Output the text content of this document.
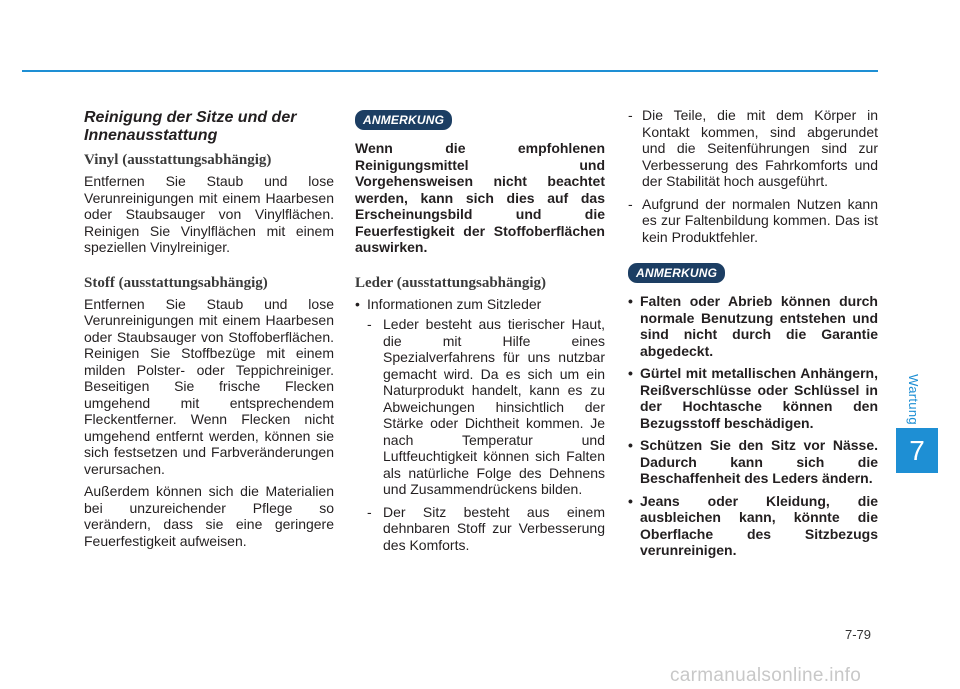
Reinigung der Sitze und der Innenausstattung
Vinyl (ausstattungsabhängig)

Entfernen Sie Staub und lose Verunreinigungen mit einem Haarbesen oder Staubsauger von Vinylflächen. Reinigen Sie Vinylflächen mit einem speziellen Vinylreiniger.

Stoff (ausstattungsabhängig)

Entfernen Sie Staub und lose Verunreinigungen mit einem Haarbesen oder Staubsauger von Stoffoberflächen. Reinigen Sie Stoffbezüge mit einem milden Polster- oder Teppichreiniger. Beseitigen Sie frische Flecken umgehend mit entsprechendem Fleckentferner. Wenn Flecken nicht umgehend entfernt werden, können sie sich festsetzen und Farbveränderungen verursachen.

Außerdem können sich die Materialien bei unzureichender Pflege so verändern, dass sie eine geringere Feuerfestigkeit aufweisen.

ANMERKUNG

Wenn die empfohlenen Reinigungsmittel und Vorgehensweisen nicht beachtet werden, kann sich dies auf das Erscheinungsbild und die Feuerfestigkeit der Stoffoberflächen auswirken.

Leder (ausstattungsabhängig)
• Informationen zum Sitzleder
- Leder besteht aus tierischer Haut, die mit Hilfe eines Spezialverfahrens für uns nutzbar gemacht wird. Da es sich um ein Naturprodukt handelt, kann es zu Abweichungen hinsichtlich der Stärke oder Dichtheit kommen. Je nach Temperatur und Luftfeuchtigkeit können sich Falten als natürliche Folge des Dehnens und Zusammendrückens bilden.
- Der Sitz besteht aus einem dehnbaren Stoff zur Verbesserung des Komforts.
- Die Teile, die mit dem Körper in Kontakt kommen, sind abgerundet und die Seitenführungen sind zur Verbesserung des Fahrkomforts und der Stabilität hoch ausgeführt.
- Aufgrund der normalen Nutzen kann es zur Faltenbildung kommen. Das ist kein Produktfehler.
ANMERKUNG
• Falten oder Abrieb können durch normale Benutzung entstehen und sind nicht durch die Garantie abgedeckt.
• Gürtel mit metallischen Anhängern, Reißverschlüsse oder Schlüssel in der Hochtasche können den Bezugsstoff beschädigen.
• Schützen Sie den Sitz vor Nässe. Dadurch kann sich die Beschaffenheit des Leders ändern.
• Jeans oder Kleidung, die ausbleichen kann, könnte die Oberflache des Sitzbezugs verunreinigen.
Wartung
7
7-79
carmanualsonline.info
